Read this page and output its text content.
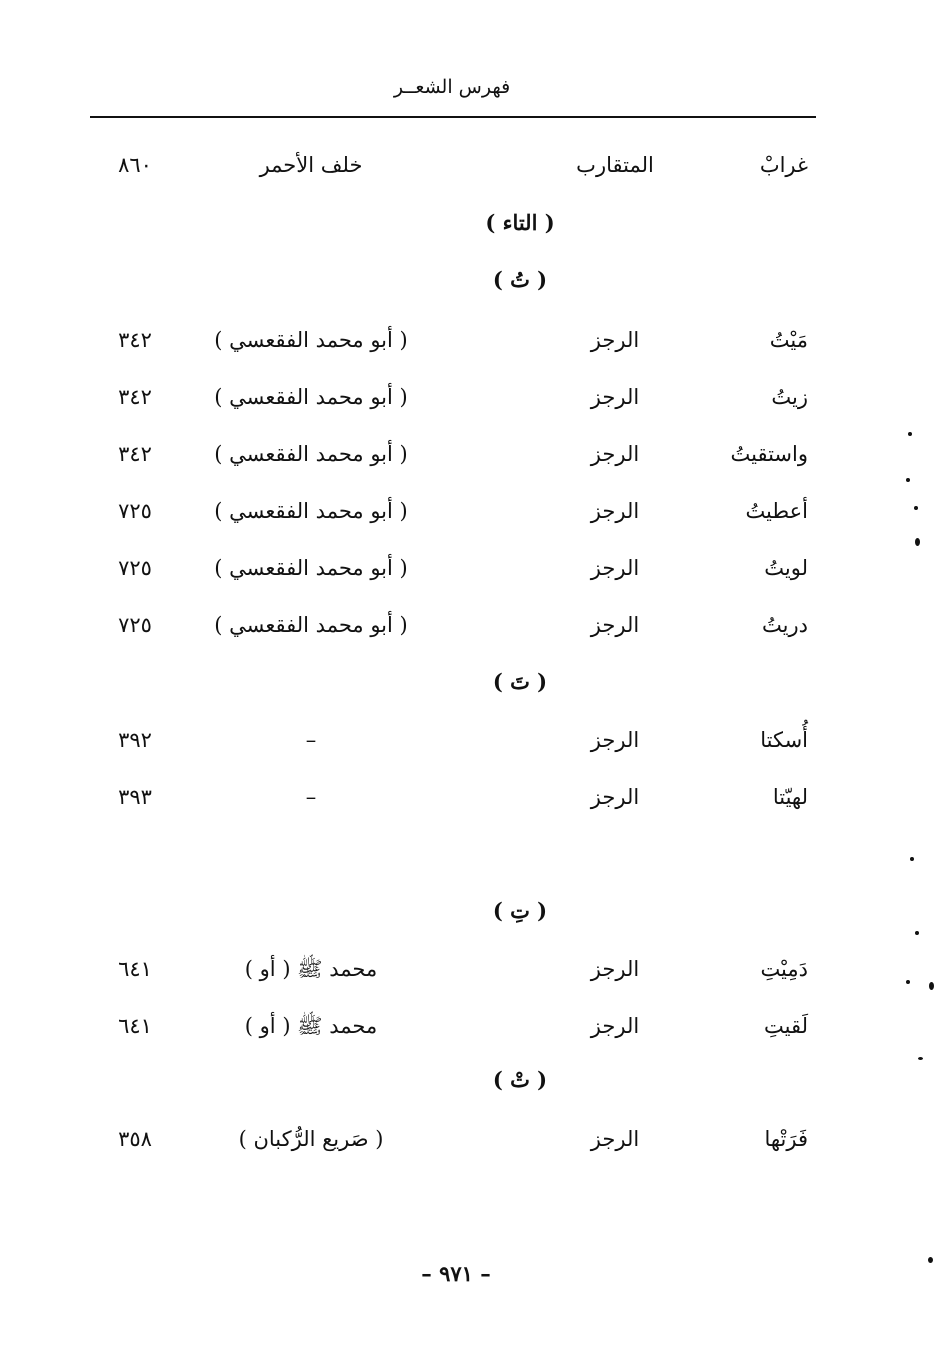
فهرس الشعــر
غرابْ
المتقارب
خلف الأحمر
٨٦٠
( التاء )
( تُ )
مَيْتُ
الرجز
( أبو محمد الفقعسي )
٣٤٢
زيتُ
الرجز
( أبو محمد الفقعسي )
٣٤٢
واستقيتُ
الرجز
( أبو محمد الفقعسي )
٣٤٢
أعطيتُ
الرجز
( أبو محمد الفقعسي )
٧٢٥
لويتُ
الرجز
( أبو محمد الفقعسي )
٧٢٥
دريتُ
الرجز
( أبو محمد الفقعسي )
٧٢٥
( تَ )
أُسكتا
الرجز
–
٣٩٢
لهيّتا
الرجز
–
٣٩٣
( تِ )
دَمِيْتِ
الرجز
محمد ﷺ ( أو )
٦٤١
لَقيتِ
الرجز
محمد ﷺ ( أو )
٦٤١
( تْ )
فَرَتْها
الرجز
( صَريع الرُّكبان )
٣٥٨
– ٩٧١ –
